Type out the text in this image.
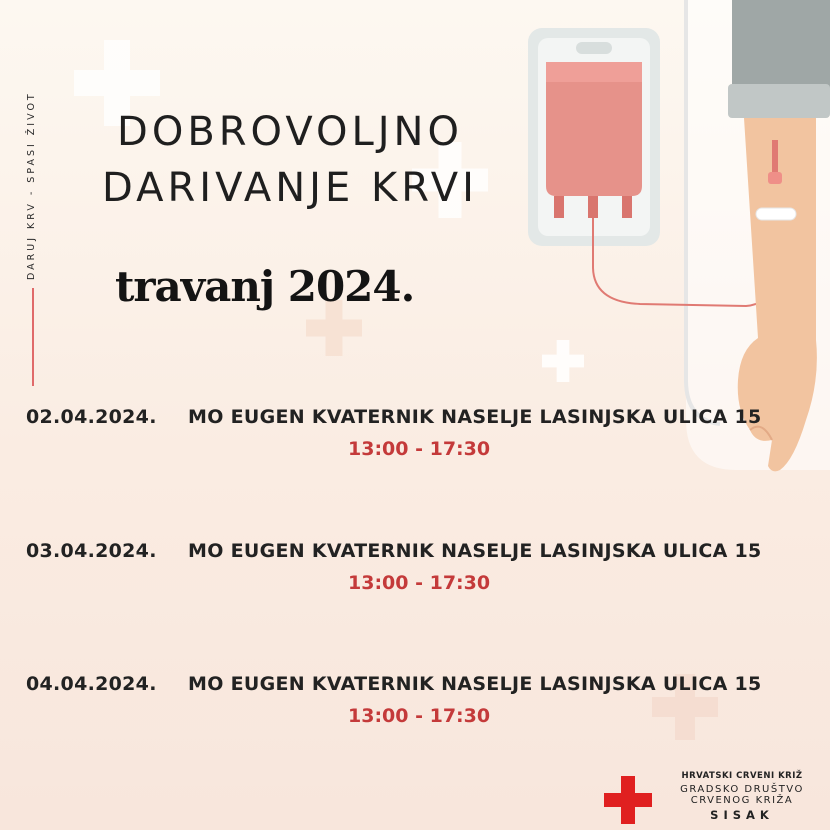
DARUJ KRV - SPASI ŽIVOT	DOBROVOLJNO
DARIVANJE KRVI
travanj 2024.
02.04.2024. MO EUGEN KVATERNIK NASELJE LASINJSKA ULICA 15
13:00 - 17:30
03.04.2024. MO EUGEN KVATERNIK NASELJE LASINJSKA ULICA 15
13:00 - 17:30
04.04.2024. MO EUGEN KVATERNIK NASELJE LASINJSKA ULICA 15
13:00 - 17:30
HRVATSKI CRVENI KRIŽ
GRADSKO DRUŠTVO
CRVENOG KRIŽA
SISAK
